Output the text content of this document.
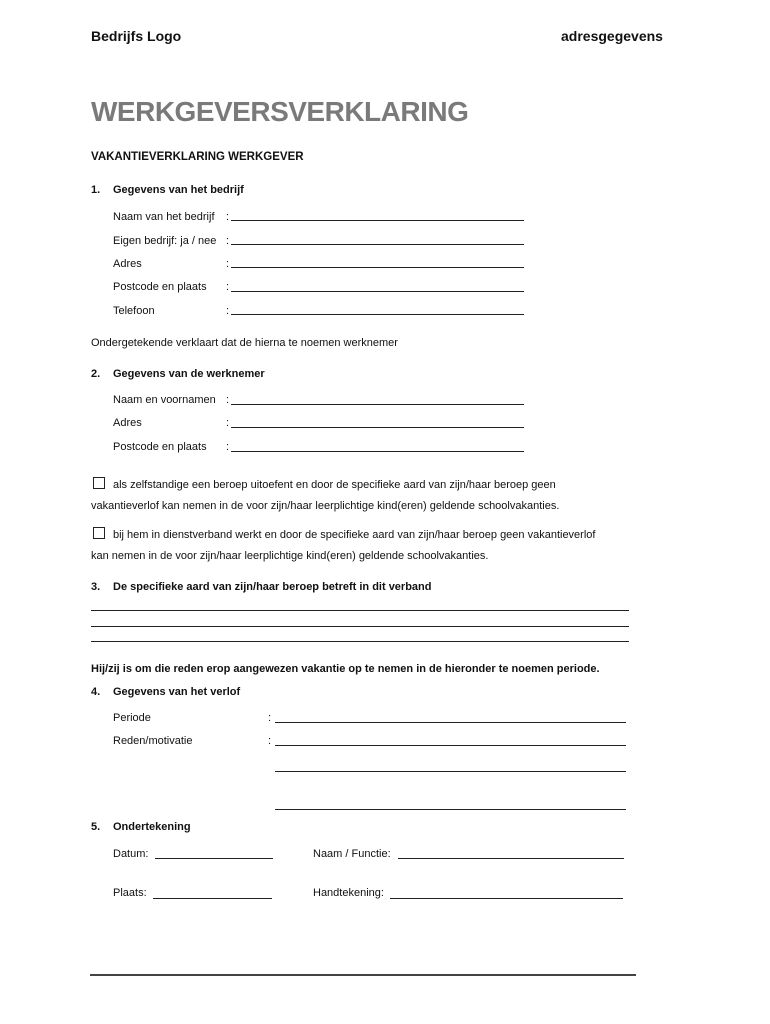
Bedrijfs Logo	adresgegevens
WERKGEVERSVERKLARING
VAKANTIEVERKLARING WERKGEVER
1. Gegevens van het bedrijf
Naam van het bedrijf :
Eigen bedrijf: ja / nee :
Adres	:
Postcode en plaats :
Telefoon	:
Ondergetekende verklaart dat de hierna te noemen werknemer
2. Gegevens van de werknemer
Naam en voornamen :
Adres	:
Postcode en plaats :
als zelfstandige een beroep uitoefent en door de specifieke aard van zijn/haar beroep geen
vakantieverlof kan nemen in de voor zijn/haar leerplichtige kind(eren) geldende schoolvakanties.
bij hem in dienstverband werkt en door de specifieke aard van zijn/haar beroep geen vakantieverlof
kan nemen in de voor zijn/haar leerplichtige kind(eren) geldende schoolvakanties.
3. De specifieke aard van zijn/haar beroep betreft in dit verband
Hij/zij is om die reden erop aangewezen vakantie op te nemen in de hieronder te noemen periode.
4. Gegevens van het verlof
Periode	:
Reden/motivatie	:
5. Ondertekening
Datum:	Naam / Functie:
Plaats:	Handtekening:
